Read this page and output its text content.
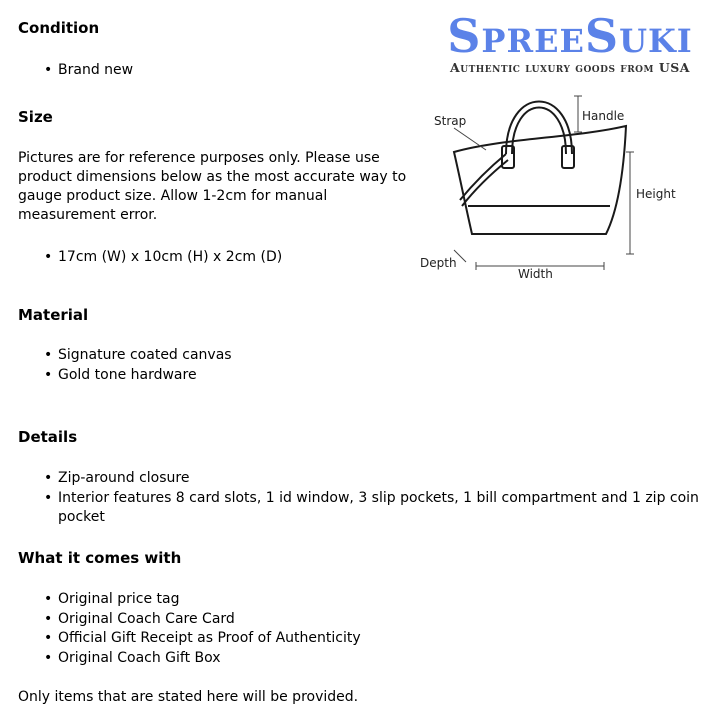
SpreeSuki
Authentic luxury goods from USA
Condition
• Brand new
Size

Pictures are for reference purposes only. Please use product dimensions below as the most accurate way to gauge product size. Allow 1-2cm for manual measurement error.

• 17cm (W) x 10cm (H) x 2cm (D)
Strap	Handle
Height
Depth
Width
Material
• Signature coated canvas
• Gold tone hardware
Details
• Zip-around closure
• Interior features 8 card slots, 1 id window, 3 slip pockets, 1 bill compartment and 1 zip coin pocket
What it comes with
• Original price tag
• Original Coach Care Card
• Official Gift Receipt as Proof of Authenticity
• Original Coach Gift Box

Only items that are stated here will be provided.
